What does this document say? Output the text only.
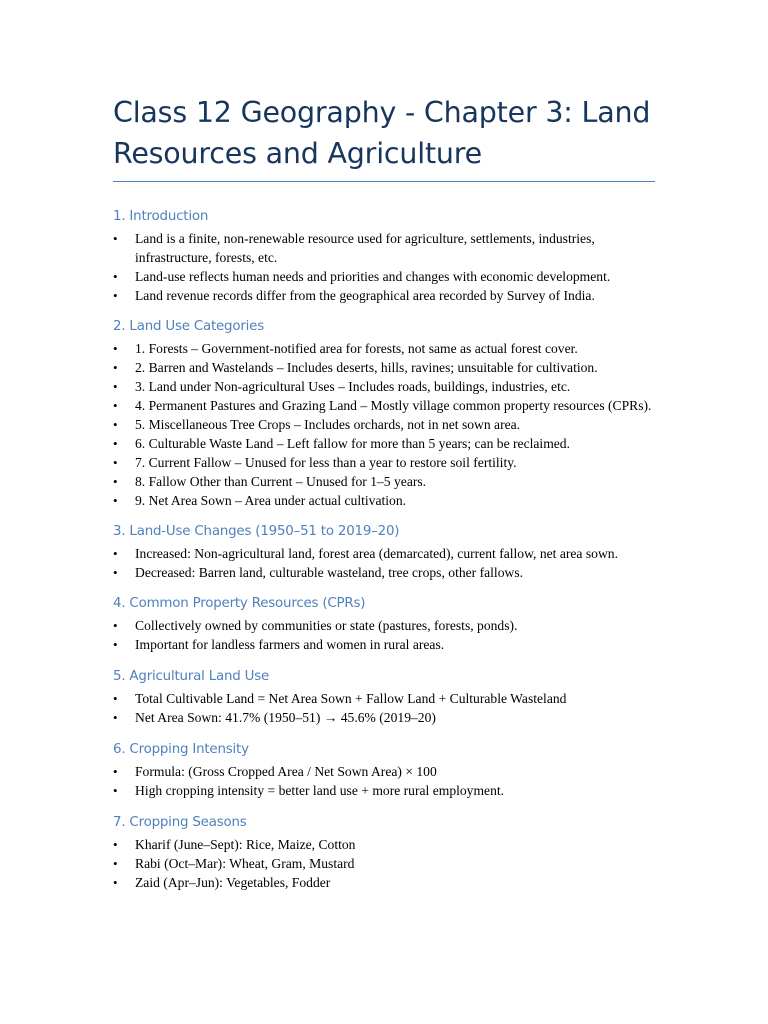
Class 12 Geography - Chapter 3: Land Resources and Agriculture
1. Introduction
• Land is a finite, non-renewable resource used for agriculture, settlements, industries, infrastructure, forests, etc.
• Land-use reflects human needs and priorities and changes with economic development.
• Land revenue records differ from the geographical area recorded by Survey of India.
2. Land Use Categories
• 1. Forests – Government-notified area for forests, not same as actual forest cover.
• 2. Barren and Wastelands – Includes deserts, hills, ravines; unsuitable for cultivation.
• 3. Land under Non-agricultural Uses – Includes roads, buildings, industries, etc.
• 4. Permanent Pastures and Grazing Land – Mostly village common property resources (CPRs).
• 5. Miscellaneous Tree Crops – Includes orchards, not in net sown area.
• 6. Culturable Waste Land – Left fallow for more than 5 years; can be reclaimed.
• 7. Current Fallow – Unused for less than a year to restore soil fertility.
• 8. Fallow Other than Current – Unused for 1–5 years.
• 9. Net Area Sown – Area under actual cultivation.
3. Land-Use Changes (1950–51 to 2019–20)
• Increased: Non-agricultural land, forest area (demarcated), current fallow, net area sown.
• Decreased: Barren land, culturable wasteland, tree crops, other fallows.
4. Common Property Resources (CPRs)
• Collectively owned by communities or state (pastures, forests, ponds).
• Important for landless farmers and women in rural areas.
5. Agricultural Land Use
• Total Cultivable Land = Net Area Sown + Fallow Land + Culturable Wasteland
• Net Area Sown: 41.7% (1950–51) → 45.6% (2019–20)
6. Cropping Intensity
• Formula: (Gross Cropped Area / Net Sown Area) × 100
• High cropping intensity = better land use + more rural employment.
7. Cropping Seasons
• Kharif (June–Sept): Rice, Maize, Cotton
• Rabi (Oct–Mar): Wheat, Gram, Mustard
• Zaid (Apr–Jun): Vegetables, Fodder
